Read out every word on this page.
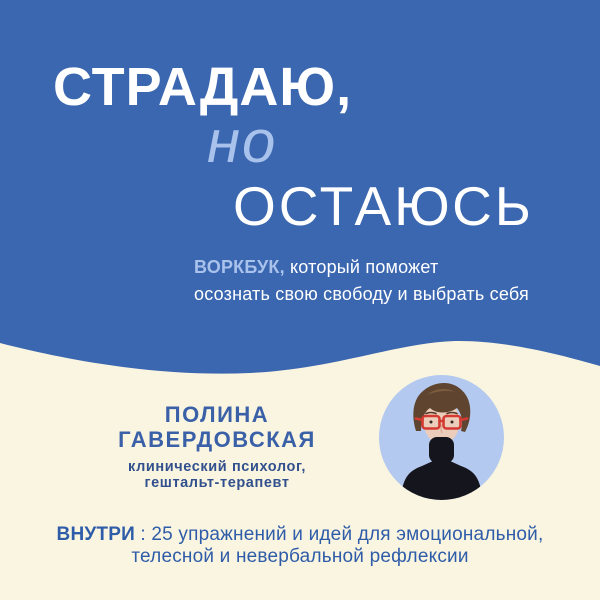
СТРАДАЮ,
но
ОСТАЮСЬ
ВОРКБУК, который поможет
осознать свою свободу и выбрать себя
ПОЛИНА
ГАВЕРДОВСКАЯ
клинический психолог,
гештальт-терапевт
ВНУТРИ : 25 упражнений и идей для эмоциональной,
телесной и невербальной рефлексии
